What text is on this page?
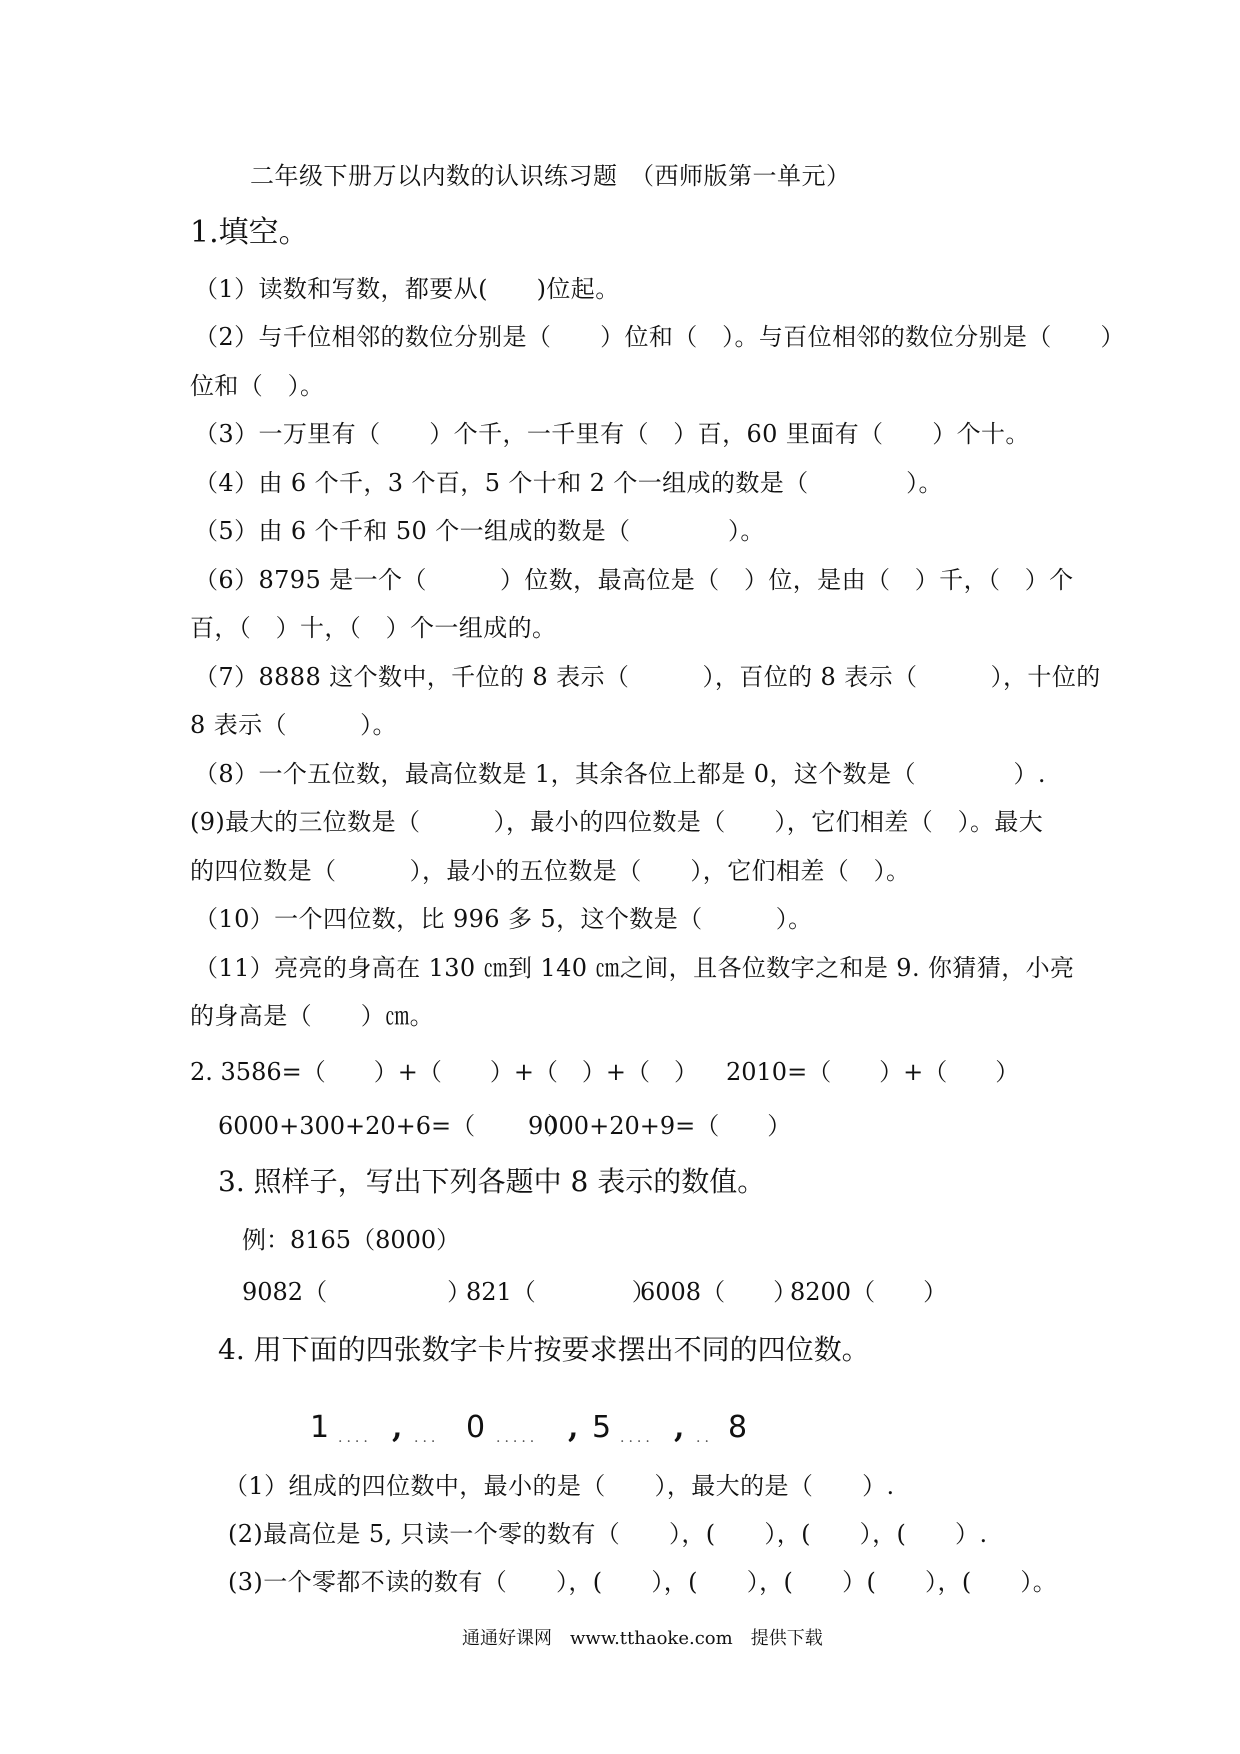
二年级下册万以内数的认识练习题　（西师版第一单元）
1.填空。
（1）读数和写数，都要从(　　)位起。
（2）与千位相邻的数位分别是（　　）位和（　）。与百位相邻的数位分别是（　　）
位和（　）。
（3）一万里有（　　）个千，一千里有（　）百，60 里面有（　　）个十。
（4）由 6 个千，3 个百，5 个十和 2 个一组成的数是（　　　　）。
（5）由 6 个千和 50 个一组成的数是（　　　　）。
（6）8795 是一个（　　　）位数，最高位是（　）位，是由（　）千，（　）个
百，（　）十，（　）个一组成的。
（7）8888 这个数中，千位的 8 表示（　　　），百位的 8 表示（　　　），十位的
8 表示（　　　）。
（8）一个五位数，最高位数是 1，其余各位上都是 0，这个数是（　　　　）.
(9)最大的三位数是（　　　），最小的四位数是（　　），它们相差（　）。最大
的四位数是（　　　），最小的五位数是（　　），它们相差（　）。
（10）一个四位数，比 996 多 5，这个数是（　　　）。
（11）亮亮的身高在 130 ㎝到 140 ㎝之间，且各位数字之和是 9. 你猜猜，小亮
的身高是（　　）㎝。
2. 3586=（　　）+（　　）+（　）+（　） 2010=（　　）+（　　）
6000+300+20+6=（　　　）
9000+20+9=（　　）
3. 照样子，写出下列各题中 8 表示的数值。
例：8165（8000）
9082（　　　　　）
821（　　　　）
6008（　　）
8200（　　）
4. 用下面的四张数字卡片按要求摆出不同的四位数。
1 .... , ... 0 ..... , 5 .... , .. 8
（1）组成的四位数中，最小的是（　　），最大的是（　　）.
(2)最高位是 5, 只读一个零的数有（　　），(　　），(　　），(　　）.
(3)一个零都不读的数有（　　），(　　），(　　），(　　）(　　），(　　）。
通通好课网　www.tthaoke.com　提供下载
